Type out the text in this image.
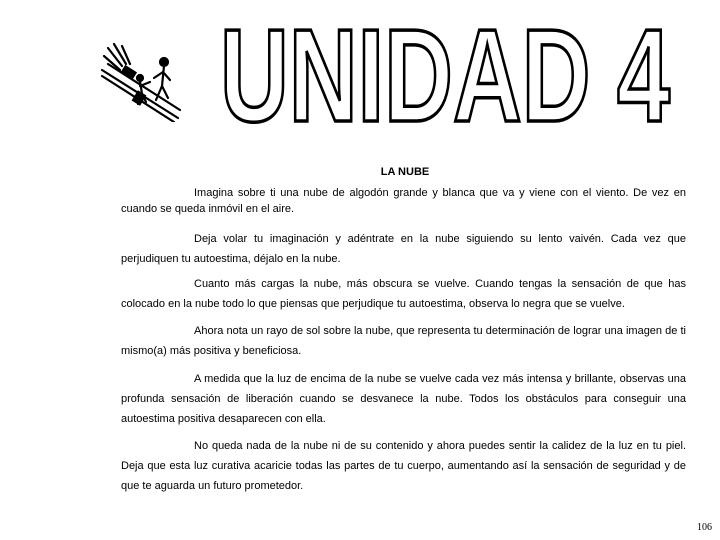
UNIDAD 4
LA NUBE

Imagina sobre ti una nube de algodón grande y blanca que va y viene con el viento. De vez en cuando se queda inmóvil en el aire.

Deja volar tu imaginación y adéntrate en la nube siguiendo su lento vaivén. Cada vez que perjudiquen tu autoestima, déjalo en la nube.

Cuanto más cargas la nube, más obscura se vuelve. Cuando tengas la sensación de que has colocado en la nube todo lo que piensas que perjudique tu autoestima, observa lo negra que se vuelve.

Ahora nota un rayo de sol sobre la nube, que representa tu determinación de lograr una imagen de ti mismo(a) más positiva y beneficiosa.

A medida que la luz de encima de la nube se vuelve cada vez más intensa y brillante, observas una profunda sensación de liberación cuando se desvanece la nube. Todos los obstáculos para conseguir una autoestima positiva desaparecen con ella.

No queda nada de la nube ni de su contenido y ahora puedes sentir la calidez de la luz en tu piel. Deja que esta luz curativa acaricie todas las partes de tu cuerpo, aumentando así la sensación de seguridad y de que te aguarda un futuro prometedor.

106
